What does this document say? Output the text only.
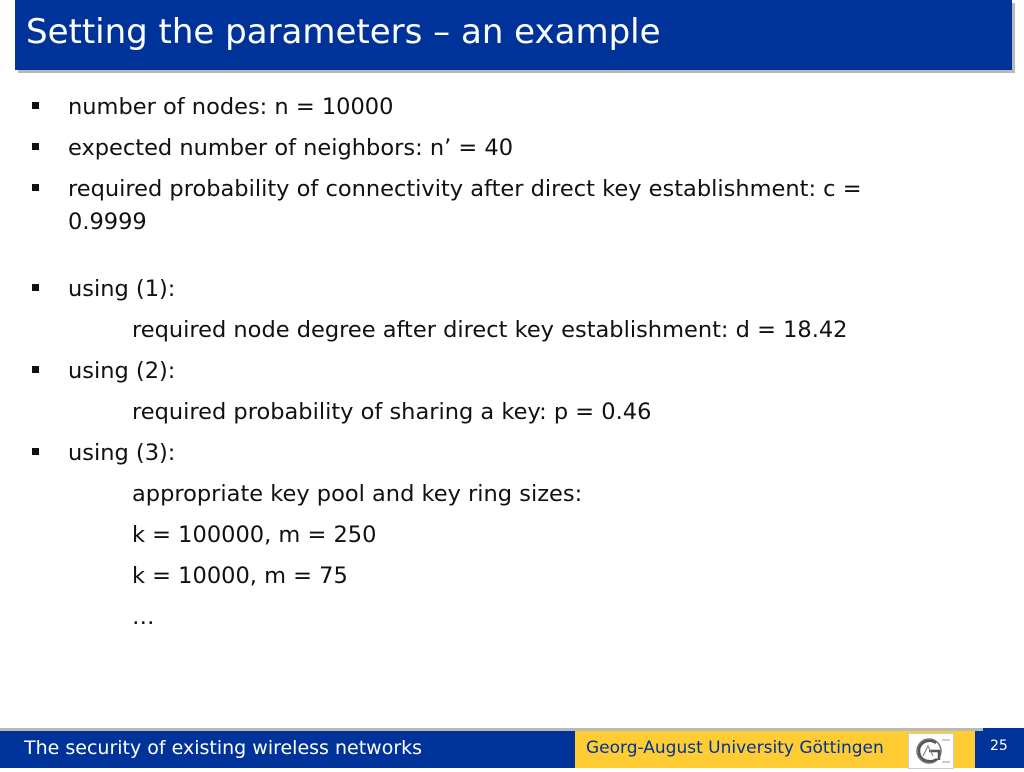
Setting the parameters – an example
number of nodes: n = 10000
expected number of neighbors: n’ = 40
required probability of connectivity after direct key establishment: c =
0.9999
using (1):
required node degree after direct key establishment: d = 18.42
using (2):
required probability of sharing a key: p = 0.46
using (3):
appropriate key pool and key ring sizes:
k = 100000, m = 250
k = 10000, m = 75
…
The security of existing wireless networks	Georg-August University Göttingen	25
